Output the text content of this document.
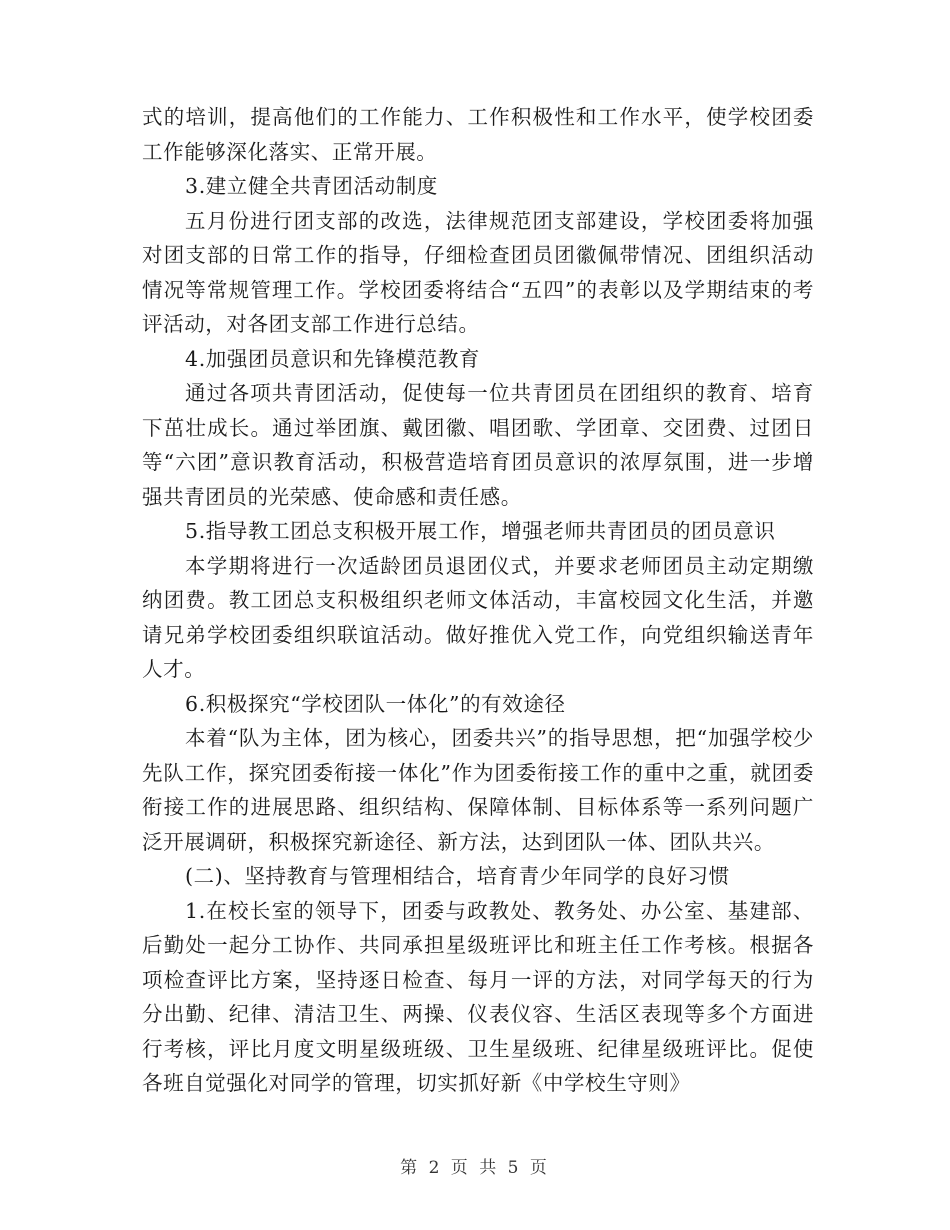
式的培训，提高他们的工作能力、工作积极性和工作水平，使学校团委工作能够深化落实、正常开展。

3.建立健全共青团活动制度

五月份进行团支部的改选，法律规范团支部建设，学校团委将加强对团支部的日常工作的指导，仔细检查团员团徽佩带情况、团组织活动情况等常规管理工作。学校团委将结合“五四”的表彰以及学期结束的考评活动，对各团支部工作进行总结。

4.加强团员意识和先锋模范教育

通过各项共青团活动，促使每一位共青团员在团组织的教育、培育下茁壮成长。通过举团旗、戴团徽、唱团歌、学团章、交团费、过团日等“六团”意识教育活动，积极营造培育团员意识的浓厚氛围，进一步增强共青团员的光荣感、使命感和责任感。

5.指导教工团总支积极开展工作，增强老师共青团员的团员意识

本学期将进行一次适龄团员退团仪式，并要求老师团员主动定期缴纳团费。教工团总支积极组织老师文体活动，丰富校园文化生活，并邀请兄弟学校团委组织联谊活动。做好推优入党工作，向党组织输送青年人才。

6.积极探究“学校团队一体化”的有效途径

本着“队为主体，团为核心，团委共兴”的指导思想，把“加强学校少先队工作，探究团委衔接一体化”作为团委衔接工作的重中之重，就团委衔接工作的进展思路、组织结构、保障体制、目标体系等一系列问题广泛开展调研，积极探究新途径、新方法，达到团队一体、团队共兴。

(二)、坚持教育与管理相结合，培育青少年同学的良好习惯

1.在校长室的领导下，团委与政教处、教务处、办公室、基建部、后勤处一起分工协作、共同承担星级班评比和班主任工作考核。根据各项检查评比方案，坚持逐日检查、每月一评的方法，对同学每天的行为分出勤、纪律、清洁卫生、两操、仪表仪容、生活区表现等多个方面进行考核，评比月度文明星级班级、卫生星级班、纪律星级班评比。促使各班自觉强化对同学的管理，切实抓好新《中学校生守则》

第 2 页 共 5 页
